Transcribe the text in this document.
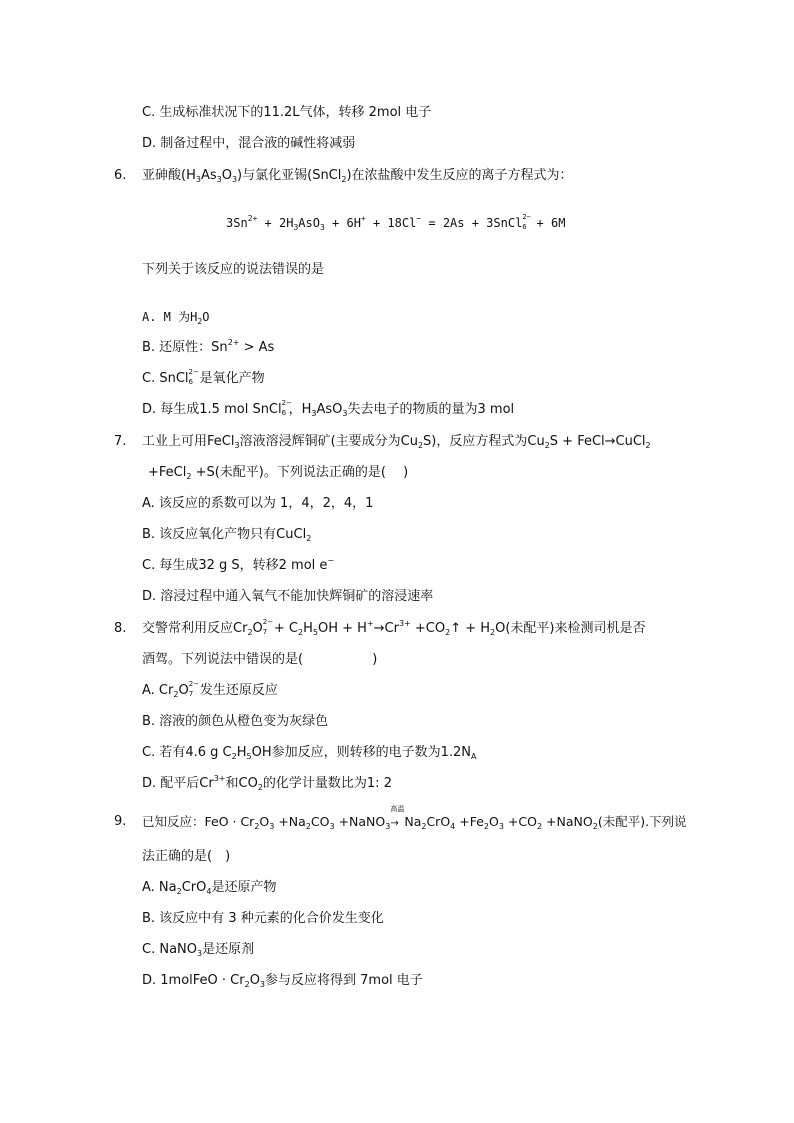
C. 生成标准状况下的11.2L气体，转移 2mol 电子
D. 制备过程中，混合液的碱性将减弱
6. 亚砷酸$(H_3As_3O_3)$与氯化亚锡(SnCl$_2$)在浓盐酸中发生反应的离子方程式为：
$3Sn^{2+} + 2H_3AsO_3 + 6H^+ + 18Cl^- = 2As$ + 3SnCl 2−
6 + 6M
下列关于该反应的说法错误的是
A. M 为$H_2O$
B. 还原性：$Sn^{2+} > As$
C. SnCl 2−
6 是氧化产物
D. 每生成1.5 mol SnCl 2−
6 ，$H_3AsO_3$失去电子的物质的量为3 mol
7. 工业上可用FeCl$_3$溶液溶浸辉铜矿(主要成分为$Cu_2S$)，反应方程式为$Cu_2S$ + FeCl→CuCl$_2$
+FeCl$_2$ +S(未配平)。下列说法正确的是(　 )
A. 该反应的系数可以为 1，4，2，4，1
B. 该反应氧化产物只有CuCl$_2$
C. 每生成32 g S，转移2 mol e−
D. 溶浸过程中通入氧气不能加快辉铜矿的溶浸速率
8. 交警常利用反应$Cr_2O$ 2−
$7 + C_2H_5OH + H^+\to Cr^{3+}$ $+CO_2↑ + H_2O$(未配平)来检测司机是否
酒驾。下列说法中错误的是(　　　　　 )
A. $Cr_2O$ 2−
7 发生还原反应
B. 溶液的颜色从橙色变为灰绿色
C. 若有4.6 g $C_2H_5OH$参加反应，则转移的电子数为$1.2N_A$
D. 配平后$Cr^{3+}$和$CO_2$的化学计量数比为1: 2
9. 已知反应：FeO · $Cr_2O_3 +Na_2CO_3$ +NaNO$_3$
高温
→ $Na_2CrO_4 +Fe_2O_3 +CO_2$ +NaNO$_2$(未配平).下列说
法正确的是(　)
A. $Na_2CrO_4$是还原产物
B. 该反应中有 3 种元素的化合价发生变化
C. NaNO$_3$是还原剂
D. 1molFeO · $Cr_2O_3$参与反应将得到 7mol 电子
